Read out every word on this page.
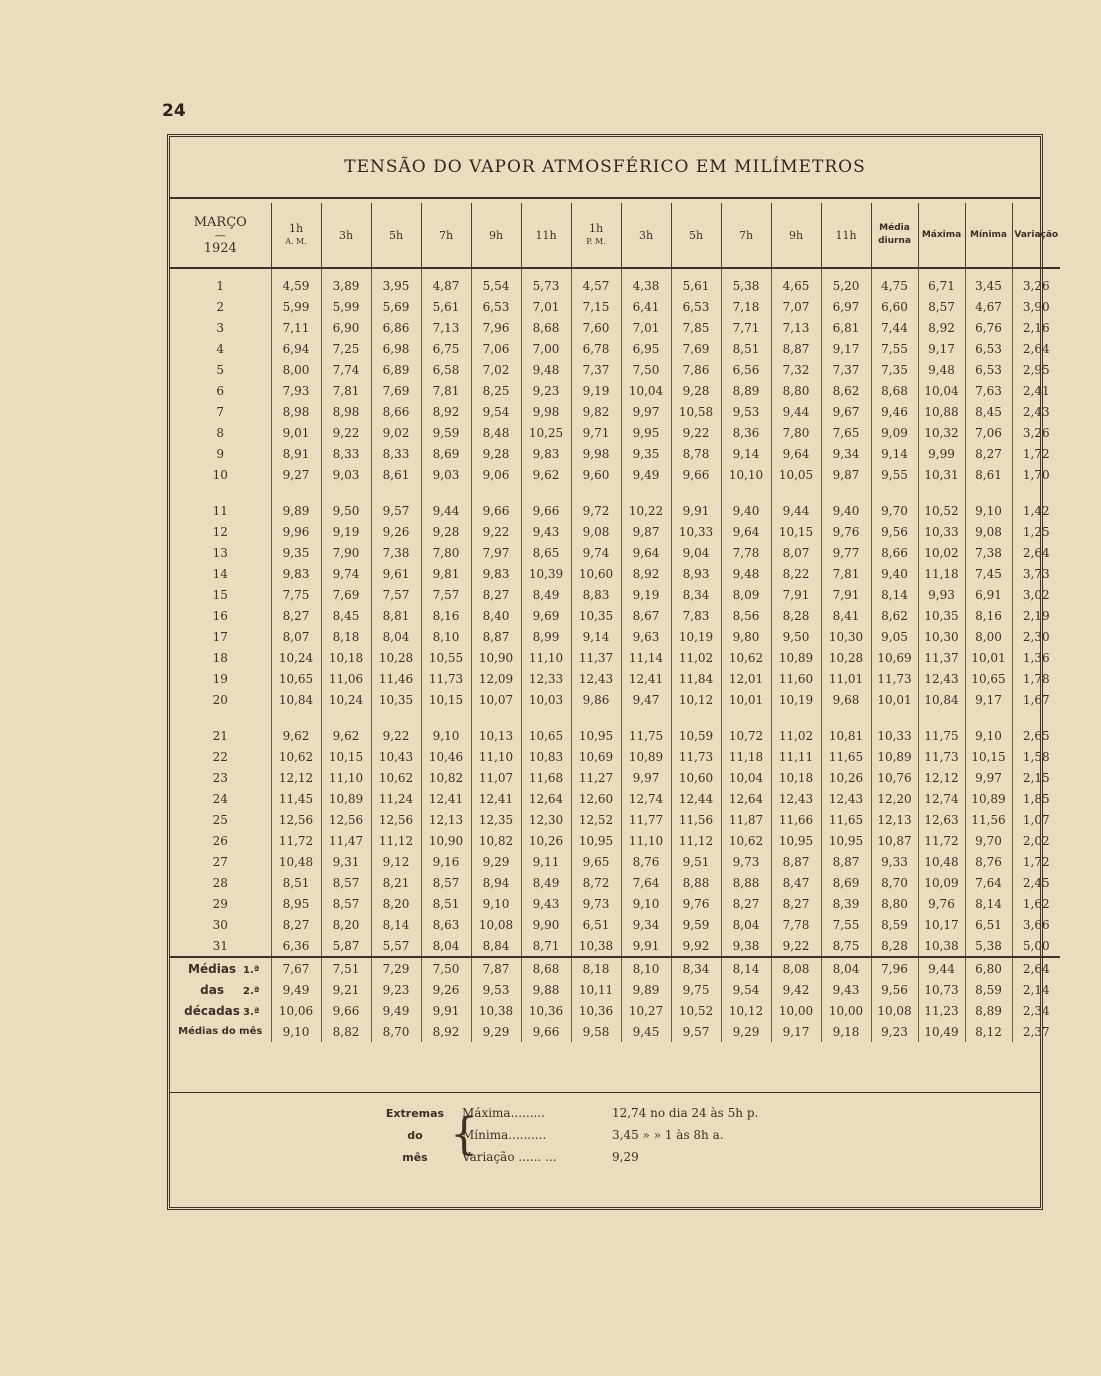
24
TENSÃO DO VAPOR ATMOSFÉRICO EM MILÍMETROS
MARÇO
—
1924	1h
A. M.	3h	5h	7h	9h	11h	1h
P. M.	3h	5h	7h	9h	11h	Média
diurna	Máxima	Mínima	Variação
1	4,59	3,89	3,95	4,87	5,54	5,73	4,57	4,38	5,61	5,38	4,65	5,20	4,75	6,71	3,45	3,26
2	5,99	5,99	5,69	5,61	6,53	7,01	7,15	6,41	6,53	7,18	7,07	6,97	6,60	8,57	4,67	3,90
3	7,11	6,90	6,86	7,13	7,96	8,68	7,60	7,01	7,85	7,71	7,13	6,81	7,44	8,92	6,76	2,16
4	6,94	7,25	6,98	6,75	7,06	7,00	6,78	6,95	7,69	8,51	8,87	9,17	7,55	9,17	6,53	2,64
5	8,00	7,74	6,89	6,58	7,02	9,48	7,37	7,50	7,86	6,56	7,32	7,37	7,35	9,48	6,53	2,95
6	7,93	7,81	7,69	7,81	8,25	9,23	9,19	10,04	9,28	8,89	8,80	8,62	8,68	10,04	7,63	2,41
7	8,98	8,98	8,66	8,92	9,54	9,98	9,82	9,97	10,58	9,53	9,44	9,67	9,46	10,88	8,45	2,43
8	9,01	9,22	9,02	9,59	8,48	10,25	9,71	9,95	9,22	8,36	7,80	7,65	9,09	10,32	7,06	3,26
9	8,91	8,33	8,33	8,69	9,28	9,83	9,98	9,35	8,78	9,14	9,64	9,34	9,14	9,99	8,27	1,72
10	9,27	9,03	8,61	9,03	9,06	9,62	9,60	9,49	9,66	10,10	10,05	9,87	9,55	10,31	8,61	1,70

11	9,89	9,50	9,57	9,44	9,66	9,66	9,72	10,22	9,91	9,40	9,44	9,40	9,70	10,52	9,10	1,42
12	9,96	9,19	9,26	9,28	9,22	9,43	9,08	9,87	10,33	9,64	10,15	9,76	9,56	10,33	9,08	1,25
13	9,35	7,90	7,38	7,80	7,97	8,65	9,74	9,64	9,04	7,78	8,07	9,77	8,66	10,02	7,38	2,64
14	9,83	9,74	9,61	9,81	9,83	10,39	10,60	8,92	8,93	9,48	8,22	7,81	9,40	11,18	7,45	3,73
15	7,75	7,69	7,57	7,57	8,27	8,49	8,83	9,19	8,34	8,09	7,91	7,91	8,14	9,93	6,91	3,02
16	8,27	8,45	8,81	8,16	8,40	9,69	10,35	8,67	7,83	8,56	8,28	8,41	8,62	10,35	8,16	2,19
17	8,07	8,18	8,04	8,10	8,87	8,99	9,14	9,63	10,19	9,80	9,50	10,30	9,05	10,30	8,00	2,30
18	10,24	10,18	10,28	10,55	10,90	11,10	11,37	11,14	11,02	10,62	10,89	10,28	10,69	11,37	10,01	1,36
19	10,65	11,06	11,46	11,73	12,09	12,33	12,43	12,41	11,84	12,01	11,60	11,01	11,73	12,43	10,65	1,78
20	10,84	10,24	10,35	10,15	10,07	10,03	9,86	9,47	10,12	10,01	10,19	9,68	10,01	10,84	9,17	1,67

21	9,62	9,62	9,22	9,10	10,13	10,65	10,95	11,75	10,59	10,72	11,02	10,81	10,33	11,75	9,10	2,65
22	10,62	10,15	10,43	10,46	11,10	10,83	10,69	10,89	11,73	11,18	11,11	11,65	10,89	11,73	10,15	1,58
23	12,12	11,10	10,62	10,82	11,07	11,68	11,27	9,97	10,60	10,04	10,18	10,26	10,76	12,12	9,97	2,15
24	11,45	10,89	11,24	12,41	12,41	12,64	12,60	12,74	12,44	12,64	12,43	12,43	12,20	12,74	10,89	1,85
25	12,56	12,56	12,56	12,13	12,35	12,30	12,52	11,77	11,56	11,87	11,66	11,65	12,13	12,63	11,56	1,07
26	11,72	11,47	11,12	10,90	10,82	10,26	10,95	11,10	11,12	10,62	10,95	10,95	10,87	11,72	9,70	2,02
27	10,48	9,31	9,12	9,16	9,29	9,11	9,65	8,76	9,51	9,73	8,87	8,87	9,33	10,48	8,76	1,72
28	8,51	8,57	8,21	8,57	8,94	8,49	8,72	7,64	8,88	8,88	8,47	8,69	8,70	10,09	7,64	2,45
29	8,95	8,57	8,20	8,51	9,10	9,43	9,73	9,10	9,76	8,27	8,27	8,39	8,80	9,76	8,14	1,62
30	8,27	8,20	8,14	8,63	10,08	9,90	6,51	9,34	9,59	8,04	7,78	7,55	8,59	10,17	6,51	3,66
31	6,36	5,87	5,57	8,04	8,84	8,71	10,38	9,91	9,92	9,38	9,22	8,75	8,28	10,38	5,38	5,00
Médias 1.ª	7,67	7,51	7,29	7,50	7,87	8,68	8,18	8,10	8,34	8,14	8,08	8,04	7,96	9,44	6,80	2,64
das 2.ª	9,49	9,21	9,23	9,26	9,53	9,88	10,11	9,89	9,75	9,54	9,42	9,43	9,56	10,73	8,59	2,14
décadas 3.ª	10,06	9,66	9,49	9,91	10,38	10,36	10,36	10,27	10,52	10,12	10,00	10,00	10,08	11,23	8,89	2,34
Médias do mês	9,10	8,82	8,70	8,92	9,29	9,66	9,58	9,45	9,57	9,29	9,17	9,18	9,23	10,49	8,12	2,37
Extremas {
Máxima.........	12,74 no dia 24 às 5h p.
do	Mínima..........	3,45 » » 1 às 8h a.
mês	Variação ...... ...	9,29
